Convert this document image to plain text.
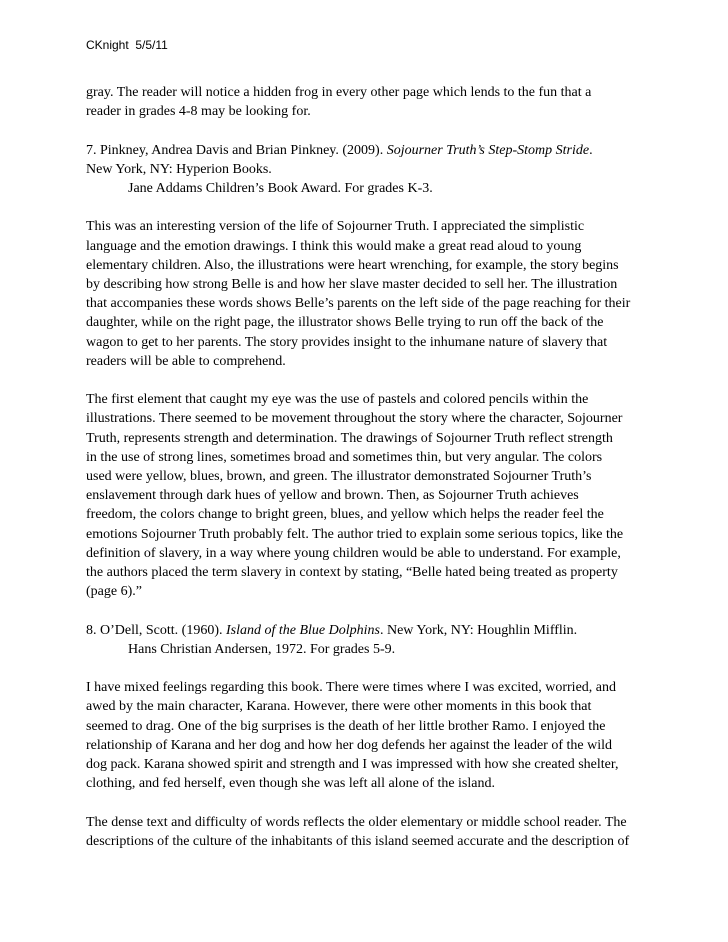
CKnight  5/5/11

gray. The reader will notice a hidden frog in every other page which lends to the fun that a
reader in grades 4-8 may be looking for.

7. Pinkney, Andrea Davis and Brian Pinkney. (2009). Sojourner Truth’s Step-Stomp Stride.
New York, NY: Hyperion Books.
Jane Addams Children’s Book Award. For grades K-3.

This was an interesting version of the life of Sojourner Truth. I appreciated the simplistic
language and the emotion drawings. I think this would make a great read aloud to young
elementary children. Also, the illustrations were heart wrenching, for example, the story begins
by describing how strong Belle is and how her slave master decided to sell her. The illustration
that accompanies these words shows Belle’s parents on the left side of the page reaching for their
daughter, while on the right page, the illustrator shows Belle trying to run off the back of the
wagon to get to her parents. The story provides insight to the inhumane nature of slavery that
readers will be able to comprehend.

The first element that caught my eye was the use of pastels and colored pencils within the
illustrations. There seemed to be movement throughout the story where the character, Sojourner
Truth, represents strength and determination. The drawings of Sojourner Truth reflect strength
in the use of strong lines, sometimes broad and sometimes thin, but very angular. The colors
used were yellow, blues, brown, and green. The illustrator demonstrated Sojourner Truth’s
enslavement through dark hues of yellow and brown. Then, as Sojourner Truth achieves
freedom, the colors change to bright green, blues, and yellow which helps the reader feel the
emotions Sojourner Truth probably felt. The author tried to explain some serious topics, like the
definition of slavery, in a way where young children would be able to understand. For example,
the authors placed the term slavery in context by stating, “Belle hated being treated as property
(page 6).”

8. O’Dell, Scott. (1960). Island of the Blue Dolphins. New York, NY: Houghlin Mifflin.
Hans Christian Andersen, 1972. For grades 5-9.

I have mixed feelings regarding this book. There were times where I was excited, worried, and
awed by the main character, Karana. However, there were other moments in this book that
seemed to drag. One of the big surprises is the death of her little brother Ramo. I enjoyed the
relationship of Karana and her dog and how her dog defends her against the leader of the wild
dog pack. Karana showed spirit and strength and I was impressed with how she created shelter,
clothing, and fed herself, even though she was left all alone of the island.

The dense text and difficulty of words reflects the older elementary or middle school reader. The
descriptions of the culture of the inhabitants of this island seemed accurate and the description of
